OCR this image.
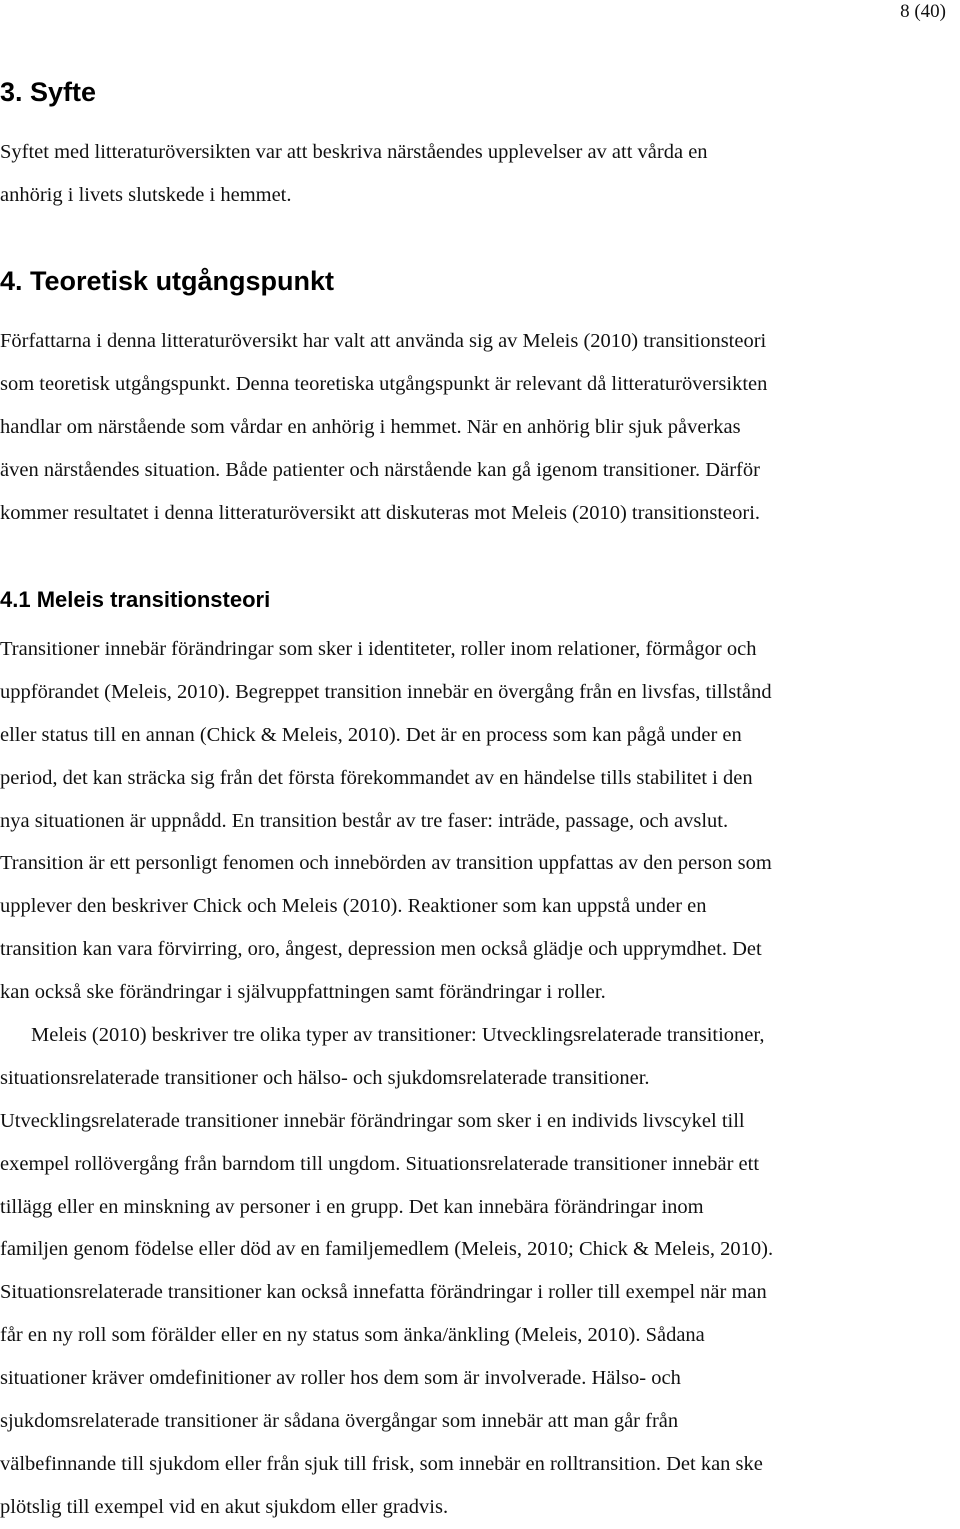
8 (40)
3. Syfte
Syftet med litteraturöversikten var att beskriva närståendes upplevelser av att vårda en
anhörig i livets slutskede i hemmet.
4. Teoretisk utgångspunkt
Författarna i denna litteraturöversikt har valt att använda sig av Meleis (2010) transitionsteori
som teoretisk utgångspunkt. Denna teoretiska utgångspunkt är relevant då litteraturöversikten
handlar om närstående som vårdar en anhörig i hemmet. När en anhörig blir sjuk påverkas
även närståendes situation. Både patienter och närstående kan gå igenom transitioner. Därför
kommer resultatet i denna litteraturöversikt att diskuteras mot Meleis (2010) transitionsteori.
4.1 Meleis transitionsteori
Transitioner innebär förändringar som sker i identiteter, roller inom relationer, förmågor och
uppförandet (Meleis, 2010). Begreppet transition innebär en övergång från en livsfas, tillstånd
eller status till en annan (Chick & Meleis, 2010). Det är en process som kan pågå under en
period, det kan sträcka sig från det första förekommandet av en händelse tills stabilitet i den
nya situationen är uppnådd. En transition består av tre faser: inträde, passage, och avslut.
Transition är ett personligt fenomen och innebörden av transition uppfattas av den person som
upplever den beskriver Chick och Meleis (2010). Reaktioner som kan uppstå under en
transition kan vara förvirring, oro, ångest, depression men också glädje och upprymdhet. Det
kan också ske förändringar i självuppfattningen samt förändringar i roller.
Meleis (2010) beskriver tre olika typer av transitioner: Utvecklingsrelaterade transitioner,
situationsrelaterade transitioner och hälso- och sjukdomsrelaterade transitioner.
Utvecklingsrelaterade transitioner innebär förändringar som sker i en individs livscykel till
exempel rollövergång från barndom till ungdom. Situationsrelaterade transitioner innebär ett
tillägg eller en minskning av personer i en grupp. Det kan innebära förändringar inom
familjen genom födelse eller död av en familjemedlem (Meleis, 2010; Chick & Meleis, 2010).
Situationsrelaterade transitioner kan också innefatta förändringar i roller till exempel när man
får en ny roll som förälder eller en ny status som änka/änkling (Meleis, 2010). Sådana
situationer kräver omdefinitioner av roller hos dem som är involverade. Hälso- och
sjukdomsrelaterade transitioner är sådana övergångar som innebär att man går från
välbefinnande till sjukdom eller från sjuk till frisk, som innebär en rolltransition. Det kan ske
plötslig till exempel vid en akut sjukdom eller gradvis.
